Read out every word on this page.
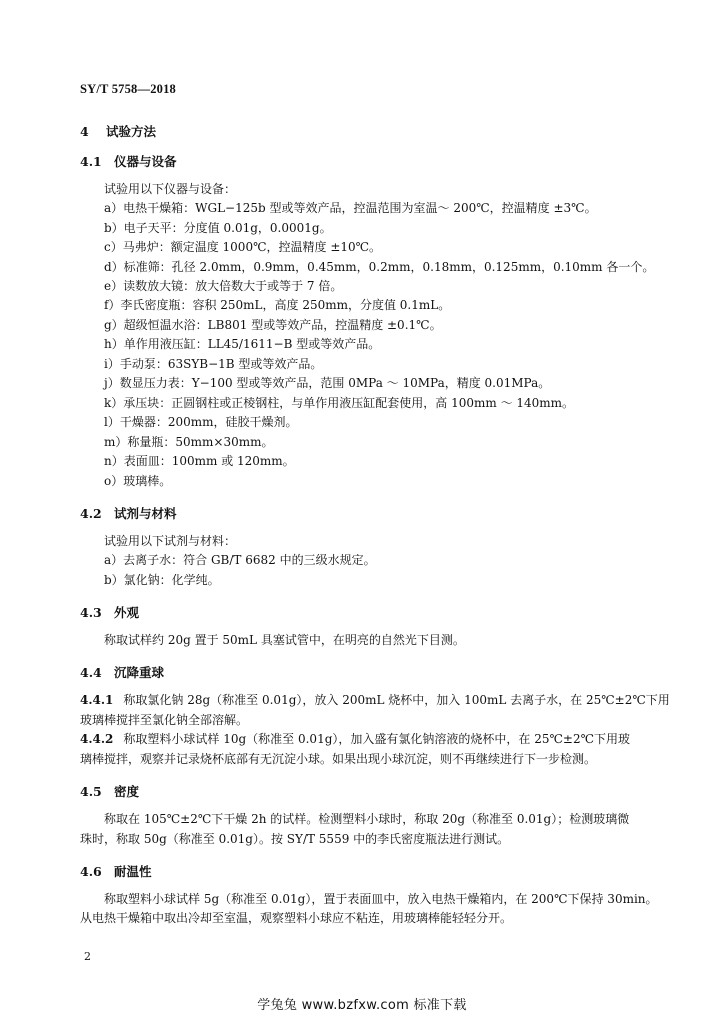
SY/T 5758—2018
4 试验方法
4.1 仪器与设备
试验用以下仪器与设备：
a）电热干燥箱：WGL−125b 型或等效产品，控温范围为室温～ 200℃，控温精度 ±3℃。
b）电子天平：分度值 0.01g，0.0001g。
c）马弗炉：额定温度 1000℃，控温精度 ±10℃。
d）标准筛：孔径 2.0mm，0.9mm，0.45mm，0.2mm，0.18mm，0.125mm，0.10mm 各一个。
e）读数放大镜：放大倍数大于或等于 7 倍。
f）李氏密度瓶：容积 250mL，高度 250mm，分度值 0.1mL。
g）超级恒温水浴：LB801 型或等效产品，控温精度 ±0.1℃。
h）单作用液压缸：LL45/1611−B 型或等效产品。
i）手动泵：63SYB−1B 型或等效产品。
j）数显压力表：Y−100 型或等效产品，范围 0MPa ～ 10MPa，精度 0.01MPa。
k）承压块：正圆钢柱或正棱钢柱，与单作用液压缸配套使用，高 100mm ～ 140mm。
l）干燥器：200mm，硅胶干燥剂。
m）称量瓶：50mm×30mm。
n）表面皿：100mm 或 120mm。
o）玻璃棒。
4.2 试剂与材料
试验用以下试剂与材料：
a）去离子水：符合 GB/T 6682 中的三级水规定。
b）氯化钠：化学纯。
4.3 外观
称取试样约 20g 置于 50mL 具塞试管中，在明亮的自然光下目测。
4.4 沉降重球
4.4.1 称取氯化钠 28g（称准至 0.01g），放入 200mL 烧杯中，加入 100mL 去离子水，在 25℃±2℃下用
玻璃棒搅拌至氯化钠全部溶解。
4.4.2 称取塑料小球试样 10g（称准至 0.01g），加入盛有氯化钠溶液的烧杯中，在 25℃±2℃下用玻
璃棒搅拌，观察并记录烧杯底部有无沉淀小球。如果出现小球沉淀，则不再继续进行下一步检测。
4.5 密度
称取在 105℃±2℃下干燥 2h 的试样。检测塑料小球时，称取 20g（称准至 0.01g）；检测玻璃微
珠时，称取 50g（称准至 0.01g）。按 SY/T 5559 中的李氏密度瓶法进行测试。
4.6 耐温性
称取塑料小球试样 5g（称准至 0.01g），置于表面皿中，放入电热干燥箱内，在 200℃下保持 30min。
从电热干燥箱中取出冷却至室温，观察塑料小球应不粘连，用玻璃棒能轻轻分开。
2
学兔兔 www.bzfxw.com 标准下载
